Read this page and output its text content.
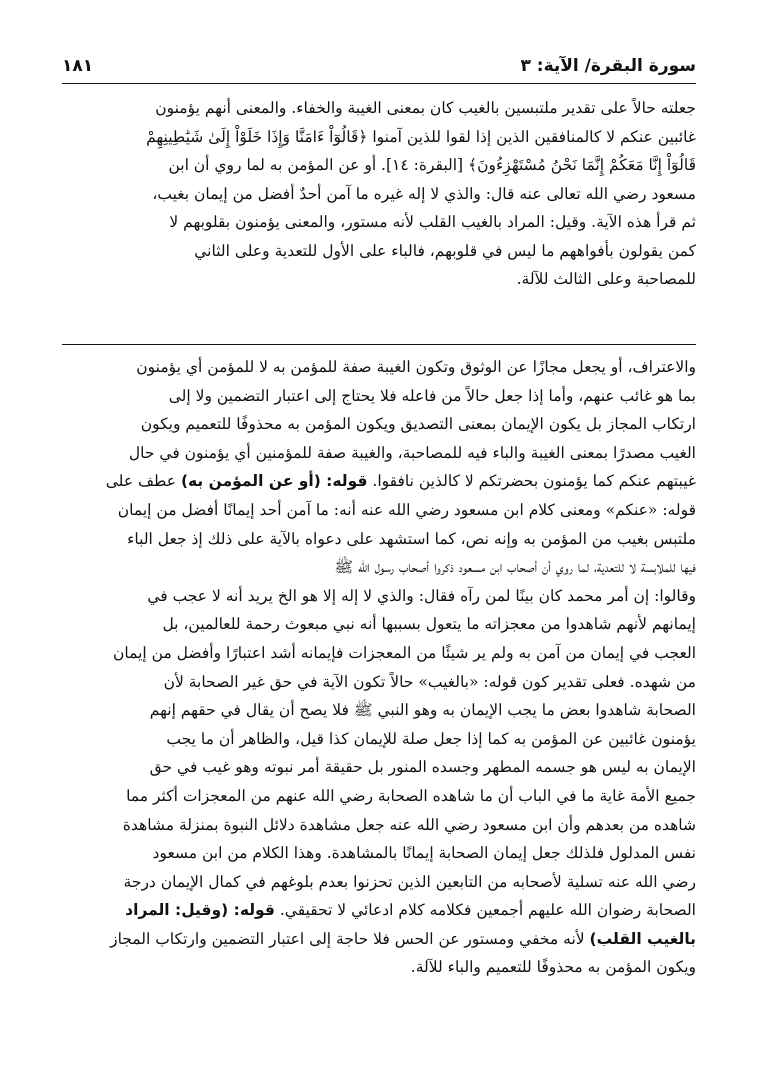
سورة البقرة/ الآية: ٣
١٨١
جعلته حالاً على تقدير ملتبسين بالغيب كان بمعنى الغيبة والخفاء. والمعنى أنهم يؤمنون
غائبين عنكم لا كالمنافقين الذين إذا لقوا للذين آمنوا ﴿قَالُوٓاْ ءَامَنَّا وَإِذَا خَلَوْاْ إِلَىٰ شَيَٰطِينِهِمْ
قَالُوٓاْ إِنَّا مَعَكُمْ إِنَّمَا نَحْنُ مُسْتَهْزِءُونَ﴾ [البقرة: ١٤]. أو عن المؤمن به لما روي أن ابن
مسعود رضي الله تعالى عنه قال: والذي لا إله غيره ما آمن أحدٌ أفضل من إيمان بغيب،
ثم قرأ هذه الآية. وقيل: المراد بالغيب القلب لأنه مستور، والمعنى يؤمنون بقلوبهم لا
كمن يقولون بأفواههم ما ليس في قلوبهم، فالباء على الأول للتعدية وعلى الثاني
للمصاحبة وعلى الثالث للآلة.
والاعتراف، أو يجعل مجازًا عن الوثوق وتكون الغيبة صفة للمؤمن به لا للمؤمن أي يؤمنون
بما هو غائب عنهم، وأما إذا جعل حالاً من فاعله فلا يحتاج إلى اعتبار التضمين ولا إلى
ارتكاب المجاز بل يكون الإيمان بمعنى التصديق ويكون المؤمن به محذوفًا للتعميم ويكون
الغيب مصدرًا بمعنى الغيبة والباء فيه للمصاحبة، والغيبة صفة للمؤمنين أي يؤمنون في حال
غيبتهم عنكم كما يؤمنون بحضرتكم لا كالذين نافقوا. قوله: (أو عن المؤمن به) عطف على
قوله: «عنكم» ومعنى كلام ابن مسعود رضي الله عنه أنه: ما آمن أحد إيمانًا أفضل من إيمان
ملتبس بغيب من المؤمن به وإنه نص، كما استشهد على دعواه بالآية على ذلك إذ جعل الباء
فيها للملابسة لا للتعدية، لما روي أن أصحاب ابن مسعود ذكروا أصحاب رسول الله ﷺ
وقالوا: إن أمر محمد كان بينًا لمن رآه فقال: والذي لا إله إلا هو الخ يريد أنه لا عجب في
إيمانهم لأنهم شاهدوا من معجزاته ما يتعول بسببها أنه نبي مبعوث رحمة للعالمين، بل
العجب في إيمان من آمن به ولم ير شيئًا من المعجزات فإيمانه أشد اعتبارًا وأفضل من إيمان
من شهده. فعلى تقدير كون قوله: «بالغيب» حالاً تكون الآية في حق غير الصحابة لأن
الصحابة شاهدوا بعض ما يجب الإيمان به وهو النبي ﷺ فلا يصح أن يقال في حقهم إنهم
يؤمنون غائبين عن المؤمن به كما إذا جعل صلة للإيمان كذا قيل، والظاهر أن ما يجب
الإيمان به ليس هو جسمه المطهر وجسده المنور بل حقيقة أمر نبوته وهو غيب في حق
جميع الأمة غاية ما في الباب أن ما شاهده الصحابة رضي الله عنهم من المعجزات أكثر مما
شاهده من بعدهم وأن ابن مسعود رضي الله عنه جعل مشاهدة دلائل النبوة بمنزلة مشاهدة
نفس المدلول فلذلك جعل إيمان الصحابة إيمانًا بالمشاهدة. وهذا الكلام من ابن مسعود
رضي الله عنه تسلية لأصحابه من التابعين الذين تحزنوا بعدم بلوغهم في كمال الإيمان درجة
الصحابة رضوان الله عليهم أجمعين فكلامه كلام ادعائي لا تحقيقي. قوله: (وقيل: المراد
بالغيب القلب) لأنه مخفي ومستور عن الحس فلا حاجة إلى اعتبار التضمين وارتكاب المجاز
ويكون المؤمن به محذوفًا للتعميم والباء للآلة.
